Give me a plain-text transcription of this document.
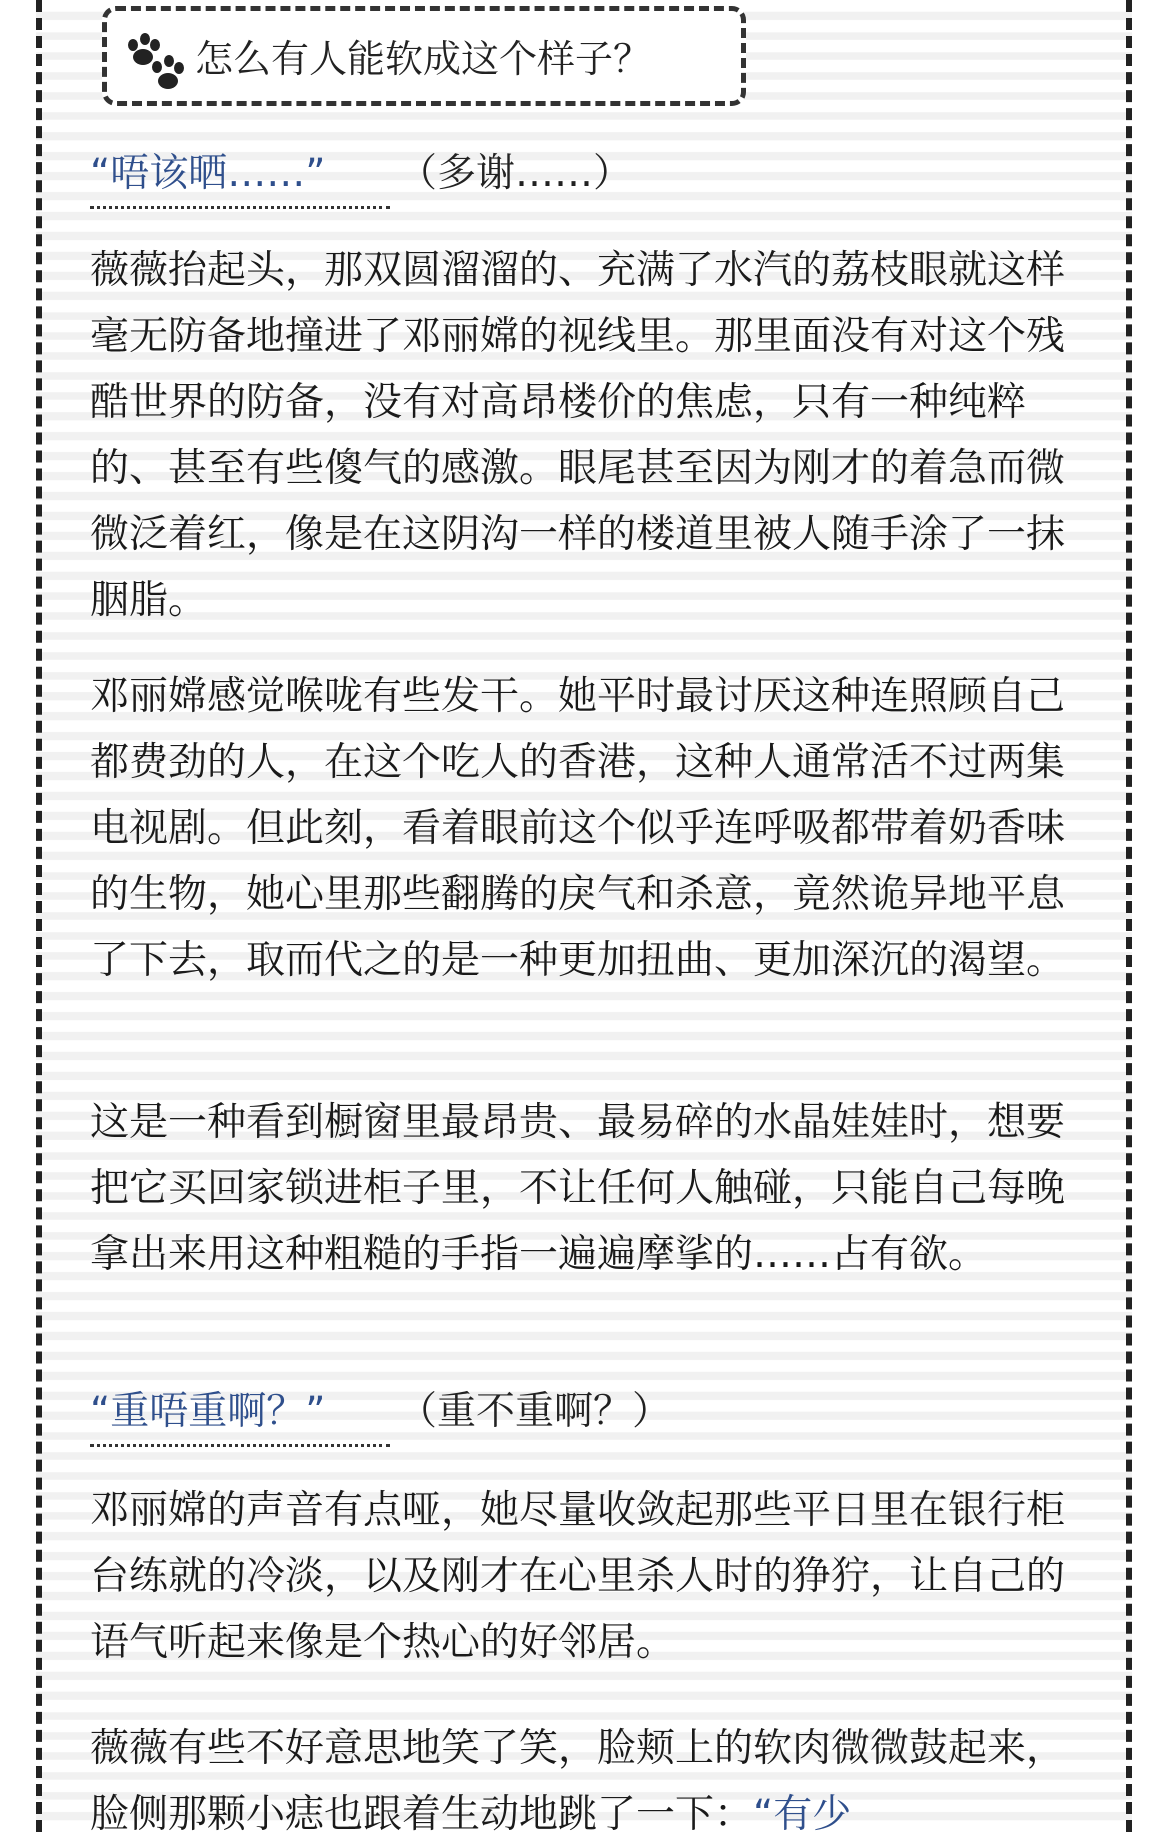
怎么有人能软成这个样子？
“唔该晒……” （多谢……）

薇薇抬起头，那双圆溜溜的、充满了水汽的荔枝眼就这样毫无防备地撞进了邓丽嫦的视线里。那里面没有对这个残酷世界的防备，没有对高昂楼价的焦虑，只有一种纯粹的、甚至有些傻气的感激。眼尾甚至因为刚才的着急而微微泛着红，像是在这阴沟一样的楼道里被人随手涂了一抹胭脂。

邓丽嫦感觉喉咙有些发干。她平时最讨厌这种连照顾自己都费劲的人，在这个吃人的香港，这种人通常活不过两集电视剧。但此刻，看着眼前这个似乎连呼吸都带着奶香味的生物，她心里那些翻腾的戾气和杀意，竟然诡异地平息了下去，取而代之的是一种更加扭曲、更加深沉的渴望。

这是一种看到橱窗里最昂贵、最易碎的水晶娃娃时，想要把它买回家锁进柜子里，不让任何人触碰，只能自己每晚拿出来用这种粗糙的手指一遍遍摩挲的……占有欲。

“重唔重啊？” （重不重啊？）

邓丽嫦的声音有点哑，她尽量收敛起那些平日里在银行柜台练就的冷淡，以及刚才在心里杀人时的狰狞，让自己的语气听起来像是个热心的好邻居。

薇薇有些不好意思地笑了笑，脸颊上的软肉微微鼓起来，脸侧那颗小痣也跟着生动地跳了一下：“有少
